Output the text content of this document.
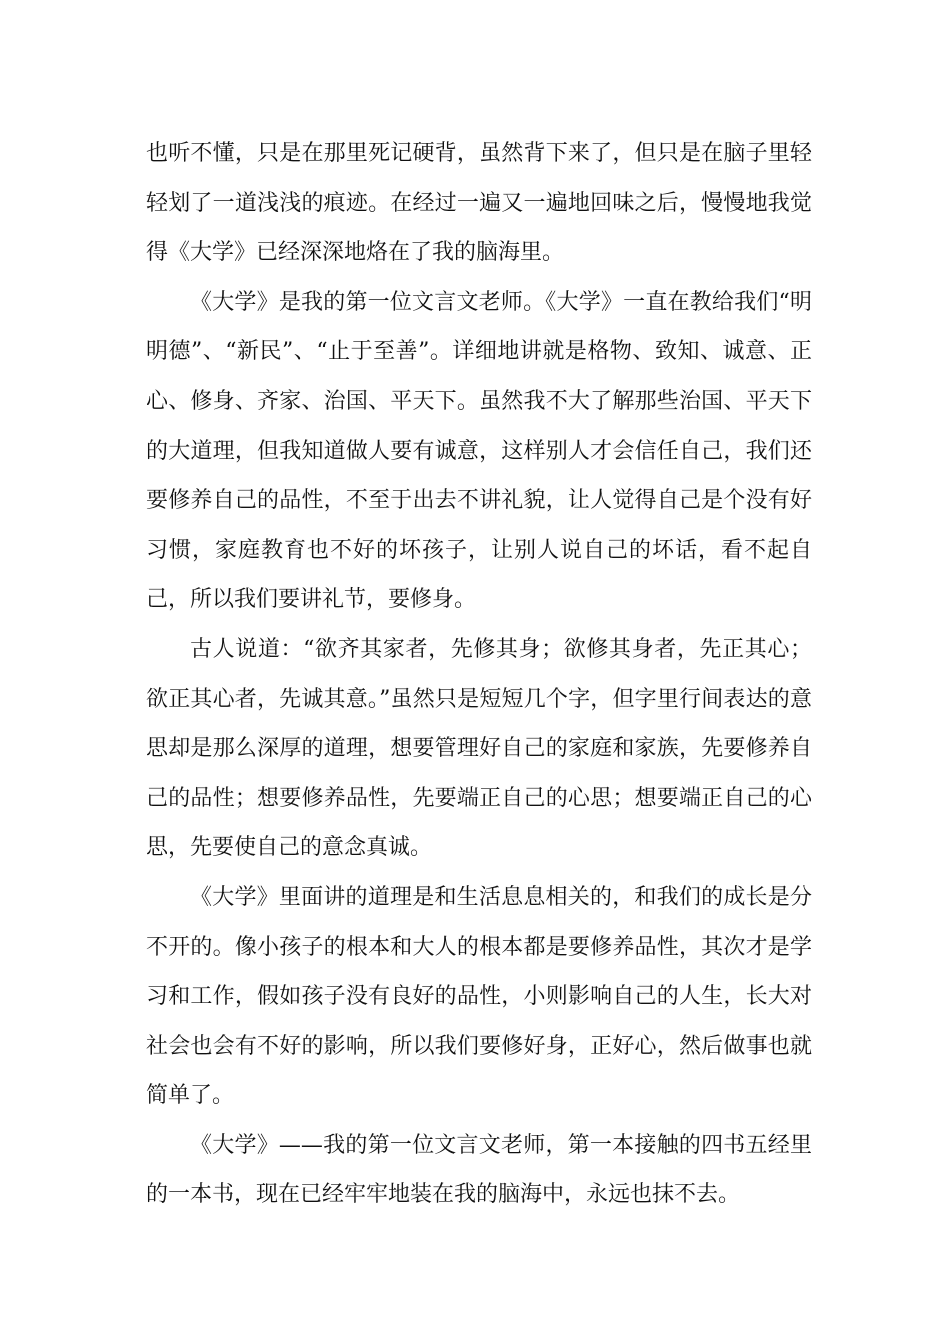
也听不懂，只是在那里死记硬背，虽然背下来了，但只是在脑子里轻轻划了一道浅浅的痕迹。在经过一遍又一遍地回味之后，慢慢地我觉得《大学》已经深深地烙在了我的脑海里。

《大学》是我的第一位文言文老师。《大学》一直在教给我们“明明德”、“新民”、“止于至善”。详细地讲就是格物、致知、诚意、正心、修身、齐家、治国、平天下。虽然我不大了解那些治国、平天下的大道理，但我知道做人要有诚意，这样别人才会信任自己，我们还要修养自己的品性，不至于出去不讲礼貌，让人觉得自己是个没有好习惯，家庭教育也不好的坏孩子，让别人说自己的坏话，看不起自己，所以我们要讲礼节，要修身。

古人说道：“欲齐其家者，先修其身；欲修其身者，先正其心；欲正其心者，先诚其意。”虽然只是短短几个字，但字里行间表达的意思却是那么深厚的道理，想要管理好自己的家庭和家族，先要修养自己的品性；想要修养品性，先要端正自己的心思；想要端正自己的心思，先要使自己的意念真诚。

《大学》里面讲的道理是和生活息息相关的，和我们的成长是分不开的。像小孩子的根本和大人的根本都是要修养品性，其次才是学习和工作，假如孩子没有良好的品性，小则影响自己的人生，长大对社会也会有不好的影响，所以我们要修好身，正好心，然后做事也就简单了。

《大学》——我的第一位文言文老师，第一本接触的四书五经里的一本书，现在已经牢牢地装在我的脑海中，永远也抹不去。
